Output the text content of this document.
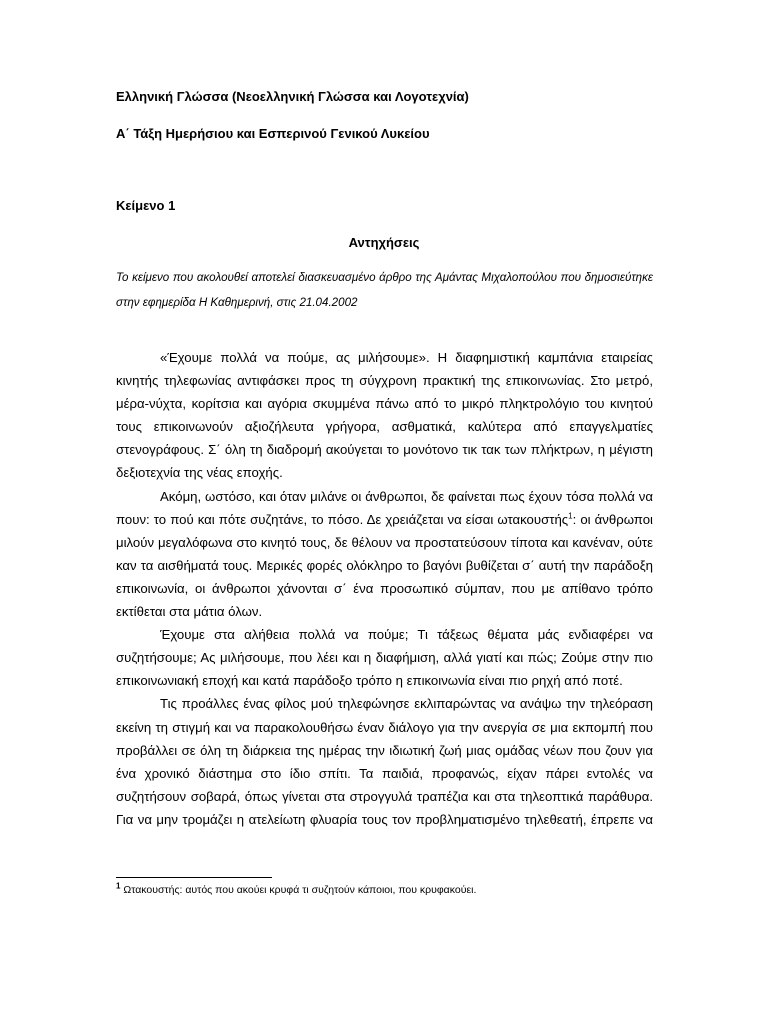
Ελληνική Γλώσσα (Νεοελληνική Γλώσσα και Λογοτεχνία)
Α΄ Τάξη Ημερήσιου και Εσπερινού Γενικού Λυκείου
Κείμενο 1
Αντηχήσεις
Το κείμενο που ακολουθεί αποτελεί διασκευασμένο άρθρο της Αμάντας Μιχαλοπούλου που δημοσιεύτηκε στην εφημερίδα Η Καθημερινή, στις 21.04.2002

«Έχουμε πολλά να πούμε, ας μιλήσουμε». Η διαφημιστική καμπάνια εταιρείας κινητής τηλεφωνίας αντιφάσκει προς τη σύγχρονη πρακτική της επικοινωνίας. Στο μετρό, μέρα-νύχτα, κορίτσια και αγόρια σκυμμένα πάνω από το μικρό πληκτρολόγιο του κινητού τους επικοινωνούν αξιοζήλευτα γρήγορα, ασθματικά, καλύτερα από επαγγελματίες στενογράφους. Σ΄ όλη τη διαδρομή ακούγεται το μονότονο τικ τακ των πλήκτρων, η μέγιστη δεξιοτεχνία της νέας εποχής.

Ακόμη, ωστόσο, και όταν μιλάνε οι άνθρωποι, δε φαίνεται πως έχουν τόσα πολλά να πουν: το πού και πότε συζητάνε, το πόσο. Δε χρειάζεται να είσαι ωτακουστής$^1$: οι άνθρωποι μιλούν μεγαλόφωνα στο κινητό τους, δε θέλουν να προστατεύσουν τίποτα και κανέναν, ούτε καν τα αισθήματά τους. Μερικές φορές ολόκληρο το βαγόνι βυθίζεται σ΄ αυτή την παράδοξη επικοινωνία, οι άνθρωποι χάνονται σ΄ ένα προσωπικό σύμπαν, που με απίθανο τρόπο εκτίθεται στα μάτια όλων.

Έχουμε στα αλήθεια πολλά να πούμε; Τι τάξεως θέματα μάς ενδιαφέρει να συζητήσουμε; Ας μιλήσουμε, που λέει και η διαφήμιση, αλλά γιατί και πώς; Ζούμε στην πιο επικοινωνιακή εποχή και κατά παράδοξο τρόπο η επικοινωνία είναι πιο ρηχή από ποτέ.

Τις προάλλες ένας φίλος μού τηλεφώνησε εκλιπαρώντας να ανάψω την τηλεόραση εκείνη τη στιγμή και να παρακολουθήσω έναν διάλογο για την ανεργία σε μια εκπομπή που προβάλλει σε όλη τη διάρκεια της ημέρας την ιδιωτική ζωή μιας ομάδας νέων που ζουν για ένα χρονικό διάστημα στο ίδιο σπίτι. Τα παιδιά, προφανώς, είχαν πάρει εντολές να συζητήσουν σοβαρά, όπως γίνεται στα στρογγυλά τραπέζια και στα τηλεοπτικά παράθυρα. Για να μην τρομάζει η ατελείωτη φλυαρία τους τον προβληματισμένο τηλεθεατή, έπρεπε να

$^1$ Ωτακουστής: αυτός που ακούει κρυφά τι συζητούν κάποιοι, που κρυφακούει.
